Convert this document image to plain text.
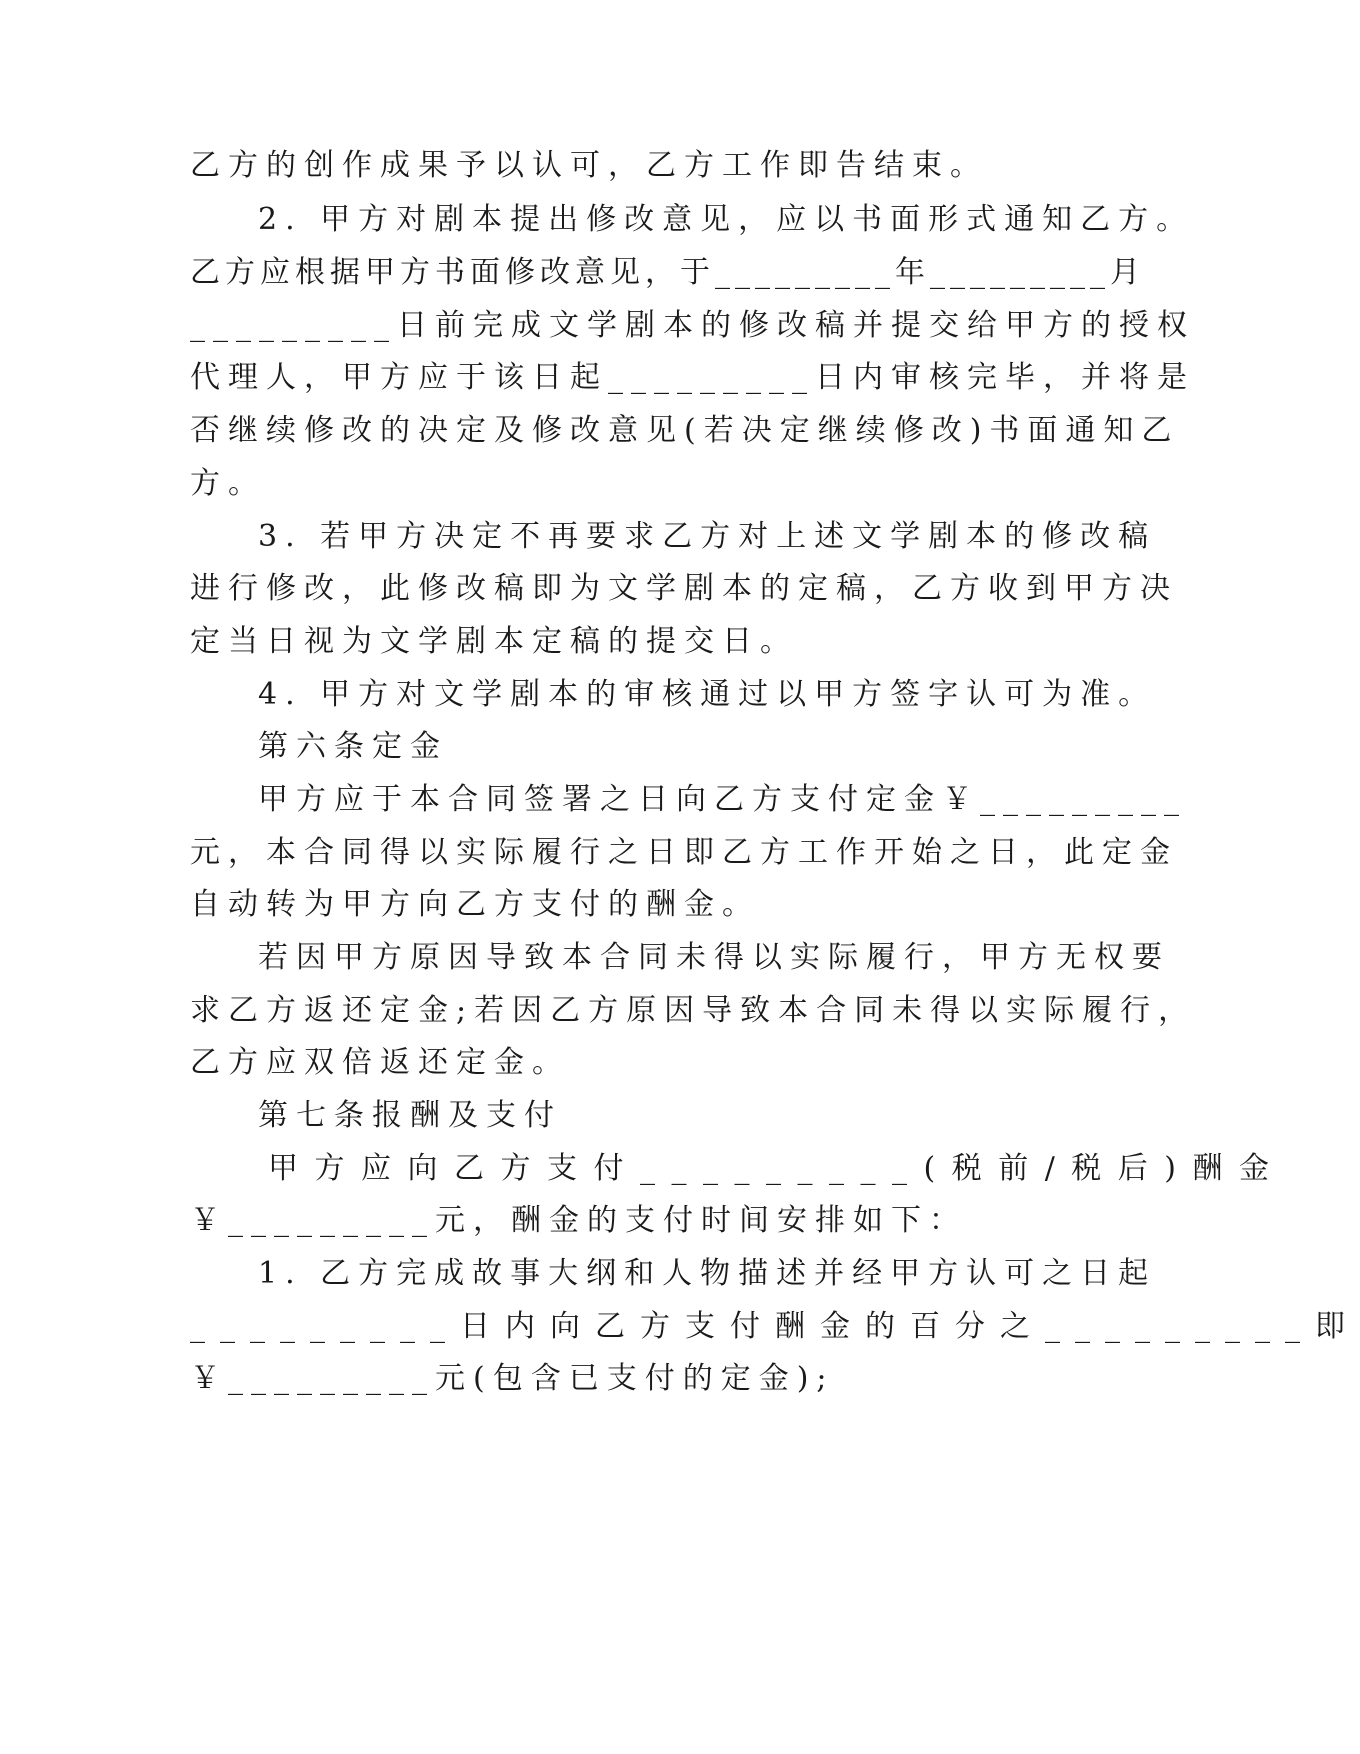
乙方的创作成果予以认可，乙方工作即告结束。

2. 甲方对剧本提出修改意见，应以书面形式通知乙方。

乙方应根据甲方书面修改意见，于_________年_________月

_________日前完成文学剧本的修改稿并提交给甲方的授权

代理人，甲方应于该日起_________日内审核完毕，并将是

否继续修改的决定及修改意见(若决定继续修改)书面通知乙

方。

3. 若甲方决定不再要求乙方对上述文学剧本的修改稿

进行修改，此修改稿即为文学剧本的定稿，乙方收到甲方决

定当日视为文学剧本定稿的提交日。

4. 甲方对文学剧本的审核通过以甲方签字认可为准。

第六条定金

甲方应于本合同签署之日向乙方支付定金￥_________

元，本合同得以实际履行之日即乙方工作开始之日，此定金

自动转为甲方向乙方支付的酬金。

若因甲方原因导致本合同未得以实际履行，甲方无权要

求乙方返还定金;若因乙方原因导致本合同未得以实际履行，

乙方应双倍返还定金。

第七条报酬及支付

甲方应向乙方支付_________(税前/税后)酬金

￥_________元，酬金的支付时间安排如下：

1. 乙方完成故事大纲和人物描述并经甲方认可之日起

_________日内向乙方支付酬金的百分之_________即

￥_________元(包含已支付的定金);
